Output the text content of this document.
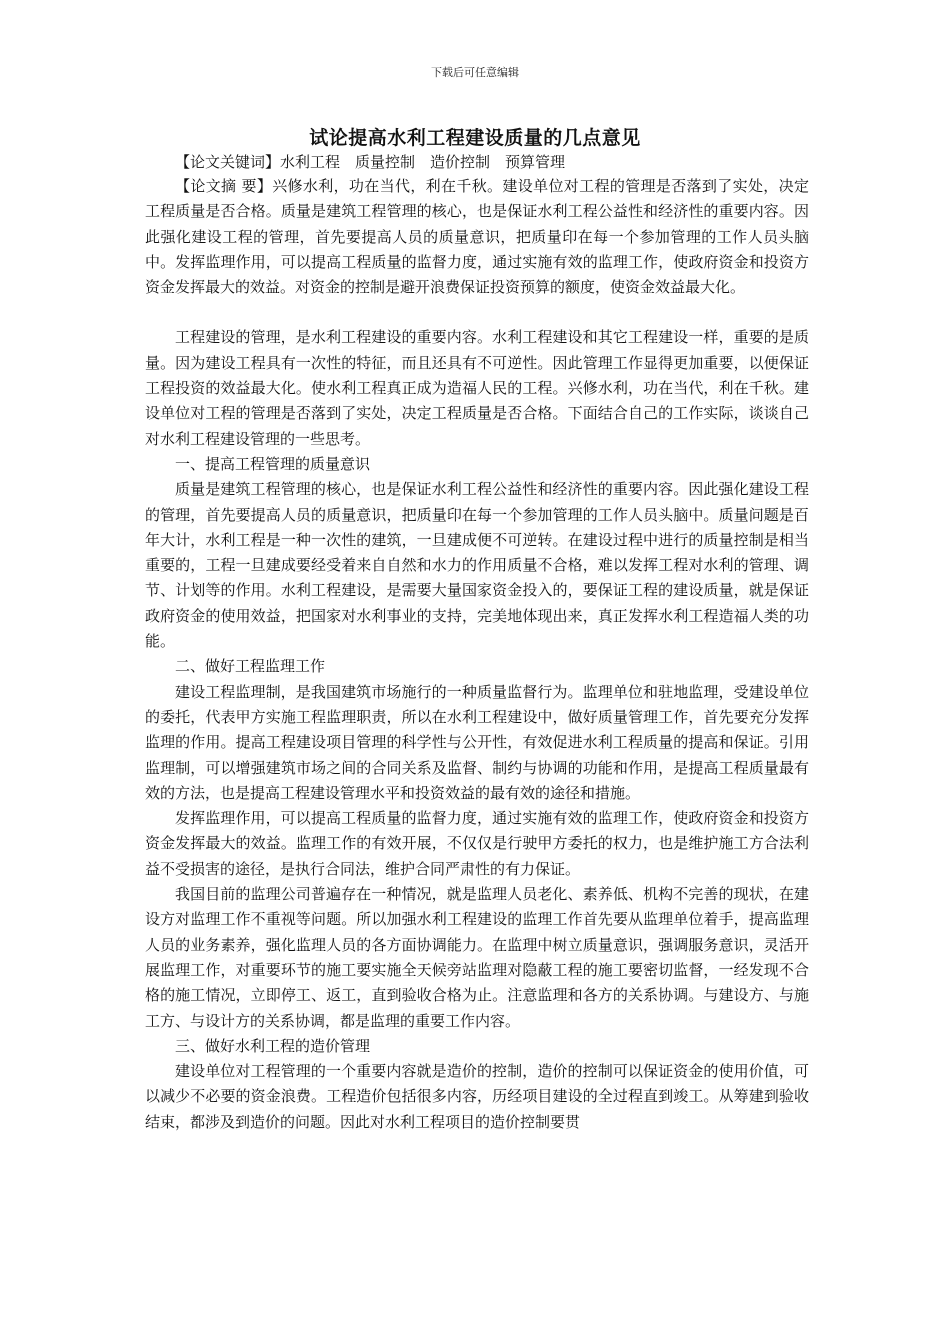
下载后可任意编辑
试论提高水利工程建设质量的几点意见
【论文关键词】水利工程　质量控制　造价控制　预算管理

【论文摘 要】兴修水利，功在当代，利在千秋。建设单位对工程的管理是否落到了实处，决定工程质量是否合格。质量是建筑工程管理的核心，也是保证水利工程公益性和经济性的重要内容。因此强化建设工程的管理，首先要提高人员的质量意识，把质量印在每一个参加管理的工作人员头脑中。发挥监理作用，可以提高工程质量的监督力度，通过实施有效的监理工作，使政府资金和投资方资金发挥最大的效益。对资金的控制是避开浪费保证投资预算的额度，使资金效益最大化。

工程建设的管理，是水利工程建设的重要内容。水利工程建设和其它工程建设一样，重要的是质量。因为建设工程具有一次性的特征，而且还具有不可逆性。因此管理工作显得更加重要，以便保证工程投资的效益最大化。使水利工程真正成为造福人民的工程。兴修水利，功在当代，利在千秋。建设单位对工程的管理是否落到了实处，决定工程质量是否合格。下面结合自己的工作实际，谈谈自己对水利工程建设管理的一些思考。

一、提高工程管理的质量意识

质量是建筑工程管理的核心，也是保证水利工程公益性和经济性的重要内容。因此强化建设工程的管理，首先要提高人员的质量意识，把质量印在每一个参加管理的工作人员头脑中。质量问题是百年大计，水利工程是一种一次性的建筑，一旦建成便不可逆转。在建设过程中进行的质量控制是相当重要的，工程一旦建成要经受着来自自然和水力的作用质量不合格，难以发挥工程对水利的管理、调节、计划等的作用。水利工程建设，是需要大量国家资金投入的，要保证工程的建设质量，就是保证政府资金的使用效益，把国家对水利事业的支持，完美地体现出来，真正发挥水利工程造福人类的功能。

二、做好工程监理工作

建设工程监理制，是我国建筑市场施行的一种质量监督行为。监理单位和驻地监理，受建设单位的委托，代表甲方实施工程监理职责，所以在水利工程建设中，做好质量管理工作，首先要充分发挥监理的作用。提高工程建设项目管理的科学性与公开性，有效促进水利工程质量的提高和保证。引用监理制，可以增强建筑市场之间的合同关系及监督、制约与协调的功能和作用，是提高工程质量最有效的方法，也是提高工程建设管理水平和投资效益的最有效的途径和措施。

发挥监理作用，可以提高工程质量的监督力度，通过实施有效的监理工作，使政府资金和投资方资金发挥最大的效益。监理工作的有效开展，不仅仅是行驶甲方委托的权力，也是维护施工方合法利益不受损害的途径，是执行合同法，维护合同严肃性的有力保证。

我国目前的监理公司普遍存在一种情况，就是监理人员老化、素养低、机构不完善的现状，在建设方对监理工作不重视等问题。所以加强水利工程建设的监理工作首先要从监理单位着手，提高监理人员的业务素养，强化监理人员的各方面协调能力。在监理中树立质量意识，强调服务意识，灵活开展监理工作，对重要环节的施工要实施全天候旁站监理对隐蔽工程的施工要密切监督，一经发现不合格的施工情况，立即停工、返工，直到验收合格为止。注意监理和各方的关系协调。与建设方、与施工方、与设计方的关系协调，都是监理的重要工作内容。

三、做好水利工程的造价管理

建设单位对工程管理的一个重要内容就是造价的控制，造价的控制可以保证资金的使用价值，可以减少不必要的资金浪费。工程造价包括很多内容，历经项目建设的全过程直到竣工。从筹建到验收结束，都涉及到造价的问题。因此对水利工程项目的造价控制要贯
